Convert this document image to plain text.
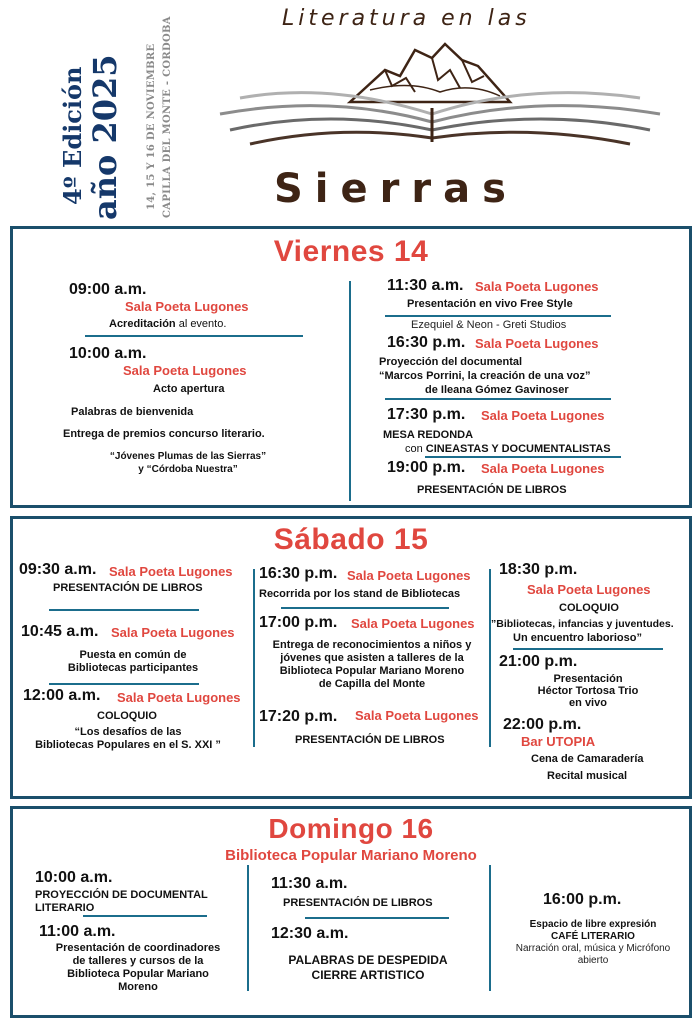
4º Edición año 2025 14, 15 Y 16 DE NOVIEMBRE CAPILLA DEL MONTE - CORDOBA	Literatura en las
Sierras
Viernes 14
09:00 a.m.
Sala Poeta Lugones
Acreditación al evento.
10:00 a.m.
Sala Poeta Lugones
Acto apertura
Palabras de bienvenida
Entrega de premios concurso literario.
“Jóvenes Plumas de las Sierras”
y “Córdoba Nuestra”
11:30 a.m. Sala Poeta Lugones
Presentación en vivo Free Style
Ezequiel & Neon - Greti Studios
16:30 p.m. Sala Poeta Lugones
Proyección del documental
“Marcos Porrini, la creación de una voz”
de Ileana Gómez Gavinoser
17:30 p.m. Sala Poeta Lugones
MESA REDONDA
con CINEASTAS Y DOCUMENTALISTAS
19:00 p.m. Sala Poeta Lugones
PRESENTACIÓN DE LIBROS
Sábado 15
09:30 a.m. Sala Poeta Lugones
PRESENTACIÓN DE LIBROS
10:45 a.m. Sala Poeta Lugones
Puesta en común de
Bibliotecas participantes
12:00 a.m. Sala Poeta Lugones
COLOQUIO
“Los desafíos de las
Bibliotecas Populares en el S. XXI ”
16:30 p.m. Sala Poeta Lugones
Recorrida por los stand de Bibliotecas
17:00 p.m. Sala Poeta Lugones
Entrega de reconocimientos a niños y
jóvenes que asisten a talleres de la
Biblioteca Popular Mariano Moreno
de Capilla del Monte
17:20 p.m. Sala Poeta Lugones
PRESENTACIÓN DE LIBROS
18:30 p.m.
Sala Poeta Lugones
COLOQUIO
”Bibliotecas, infancias y juventudes.
Un encuentro laborioso”
21:00 p.m.
Presentación
Héctor Tortosa Trio
en vivo
22:00 p.m.
Bar UTOPIA
Cena de Camaradería
Recital musical
Domingo 16
Biblioteca Popular Mariano Moreno
10:00 a.m.
PROYECCIÓN DE DOCUMENTAL
LITERARIO
11:00 a.m.
Presentación de coordinadores
de talleres y cursos de la
Biblioteca Popular Mariano
Moreno
11:30 a.m.
PRESENTACIÓN DE LIBROS
12:30 a.m.
PALABRAS DE DESPEDIDA
CIERRE ARTISTICO
16:00 p.m.
Espacio de libre expresión
CAFÉ LITERARIO
Narración oral, música y Micrófono
abierto
